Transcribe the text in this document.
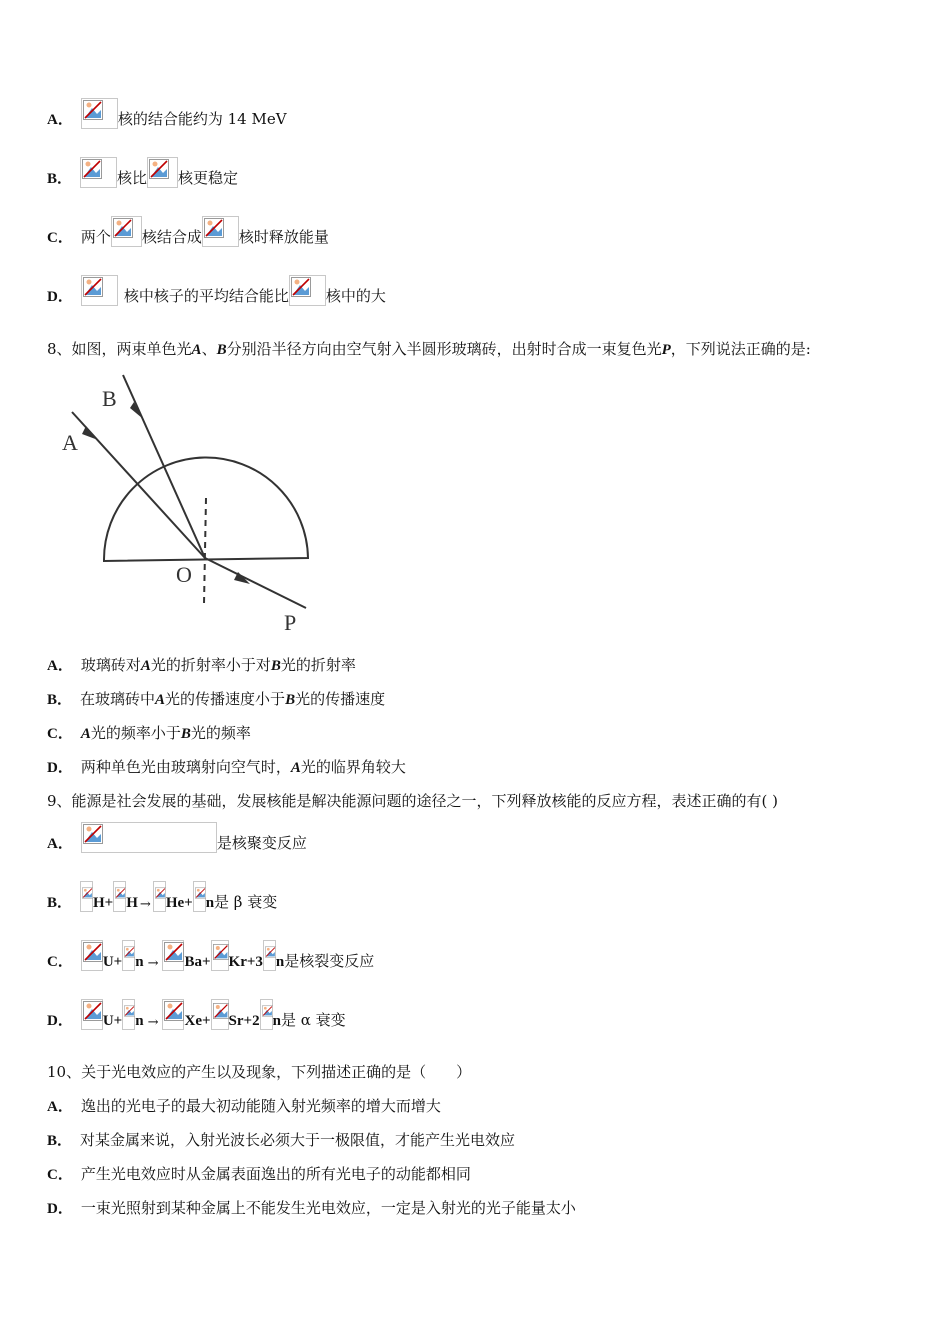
A．	核的结合能约为 14 MeV
B．	核比 核更稳定
C． 两个 核结合成 核时释放能量
D．	核中核子的平均结合能比 核中的大
8、如图，两束单色光 A 、 B 分别沿半径方向由空气射入半圆形玻璃砖，出射时合成一束复色光 P ，下列说法正确的是:
A
B
O
P
A． 玻璃砖对 A 光的折射率小于对 B 光的折射率
B． 在玻璃砖中 A 光的传播速度小于 B 光的传播速度
C． A 光的频率小于 B 光的频率
D． 两种单色光由玻璃射向空气时， A 光的临界角较大
9、能源是社会发展的基础，发展核能是解决能源问题的途径之一，下列释放核能的反应方程，表述正确的有( )
A．	是核聚变反应
B． H+ H → He+ n 是 β 衰变
C． U+ n → Ba+ Kr+3 n 是核裂变反应
D． U+ n → Xe+ Sr+2 n 是 α 衰变
10、关于光电效应的产生以及现象，下列描述正确的是（　　）
A． 逸出的光电子的最大初动能随入射光频率的增大而增大
B． 对某金属来说，入射光波长必须大于一极限值，才能产生光电效应
C． 产生光电效应时从金属表面逸出的所有光电子的动能都相同
D． 一束光照射到某种金属上不能发生光电效应，一定是入射光的光子能量太小
